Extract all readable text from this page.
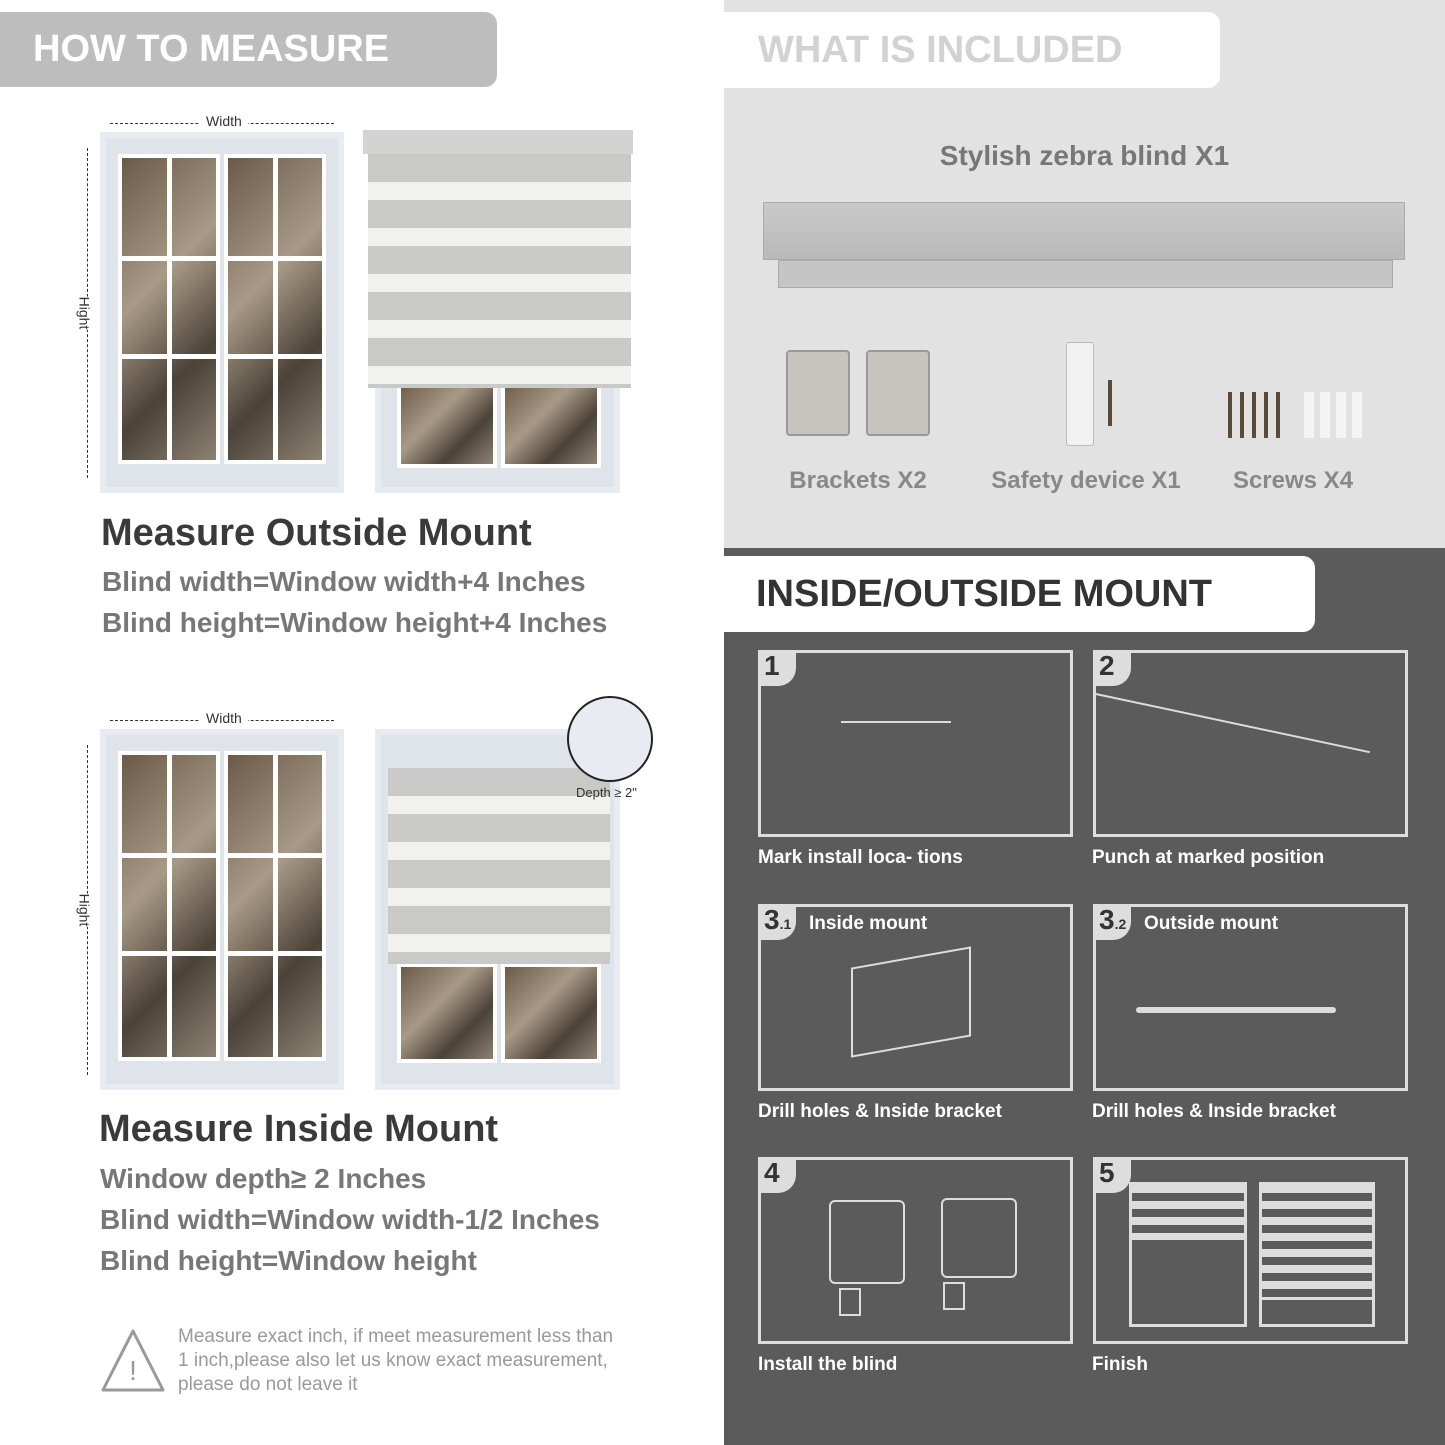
HOW TO MEASURE	WHAT IS INCLUDED
INSIDE/OUTSIDE MOUNT
Width
Hight
Measure Outside Mount
Blind width=Window width+4 Inches
Blind height=Window height+4 Inches
Width
Hight
Depth ≥ 2"
Measure Inside Mount
Window depth≥ 2 Inches
Blind width=Window width-1/2 Inches
Blind height=Window height
!
Measure exact inch, if meet measurement less than 1 inch,please also let us know exact measurement, please do not leave it
Stylish zebra blind X1
Brackets X2	Safety device X1	Screws X4
1
Mark install loca- tions
2
Punch at marked position
3.1 Inside mount
Drill holes & Inside bracket
3.2 Outside mount
Drill holes & Inside bracket
4
Install the blind
5
Finish
